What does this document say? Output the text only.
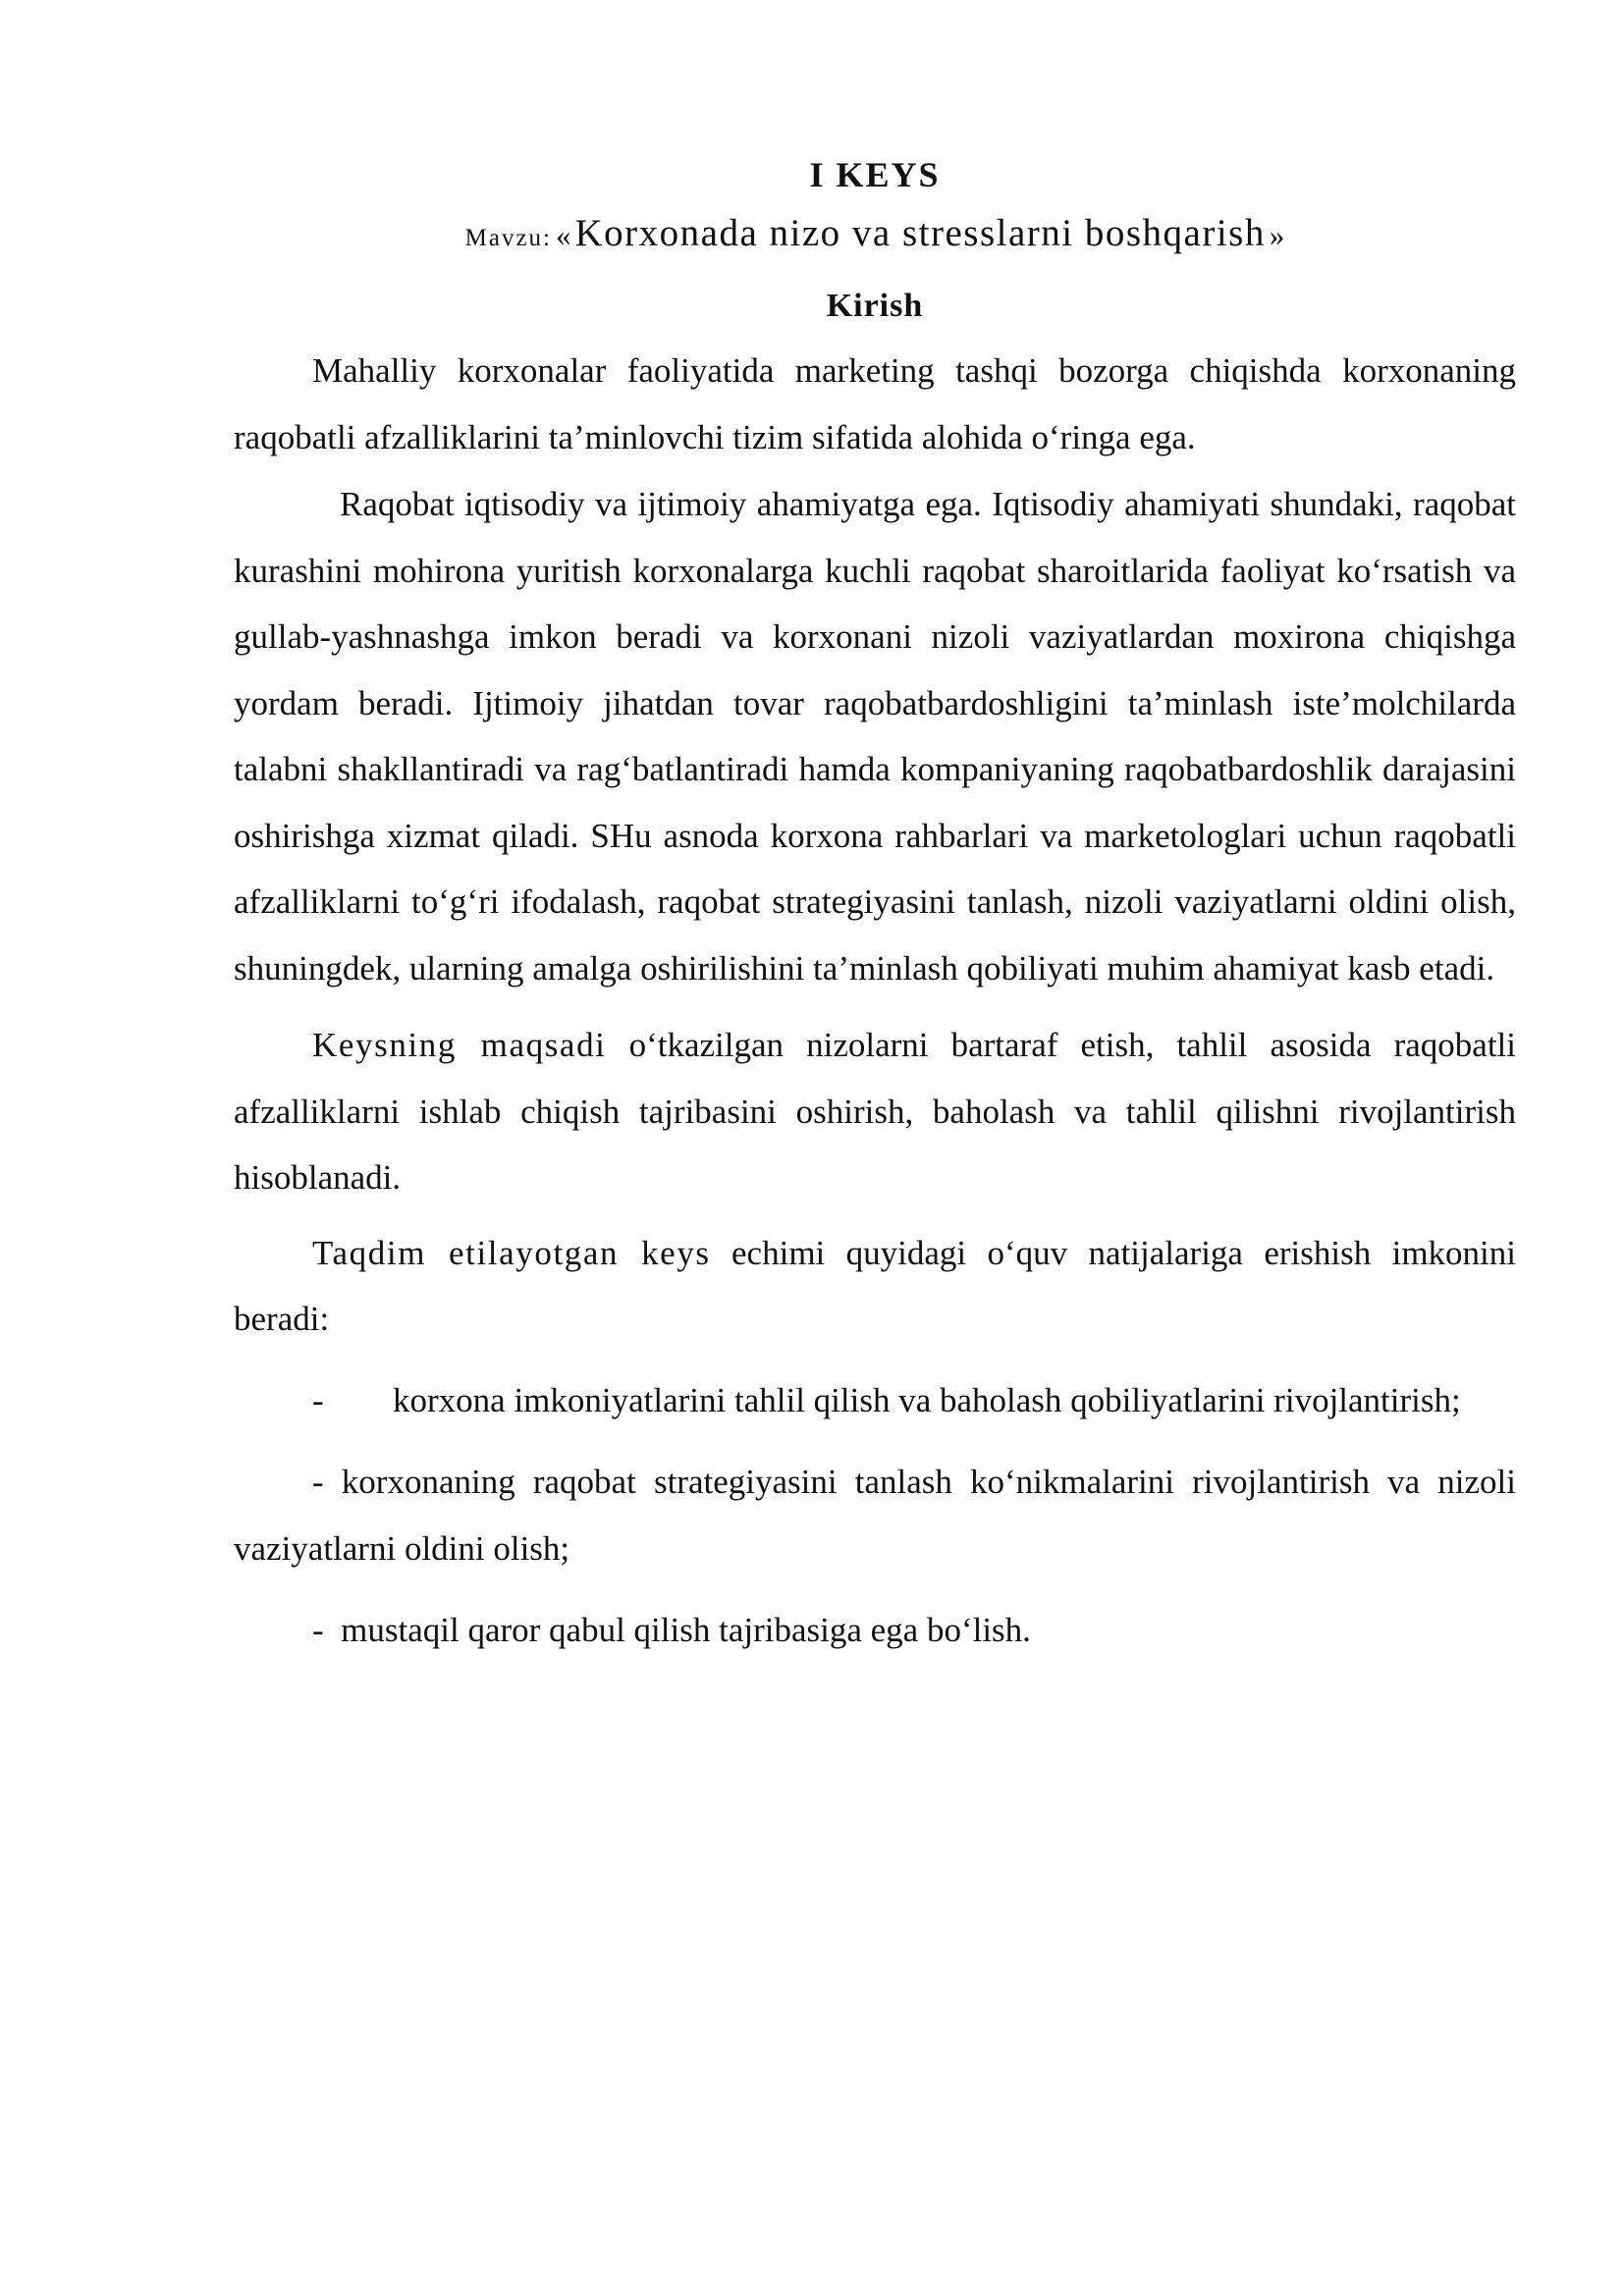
I KEYS

Mavzu: « Korxonada nizo va stresslarni boshqarish »

Kirish

Mahalliy korxonalar faoliyatida marketing tashqi bozorga chiqishda korxonaning raqobatli afzalliklarini ta’minlovchi tizim sifatida alohida o‘ringa ega.

Raqobat iqtisodiy va ijtimoiy ahamiyatga ega. Iqtisodiy ahamiyati shundaki, raqobat kurashini mohirona yuritish korxonalarga kuchli raqobat sharoitlarida faoliyat ko‘rsatish va gullab-yashnashga imkon beradi va korxonani nizoli vaziyatlardan moxirona chiqishga yordam beradi. Ijtimoiy jihatdan tovar raqobatbardoshligini ta’minlash iste’molchilarda talabni shakllantiradi va rag‘batlantiradi hamda kompaniyaning raqobatbardoshlik darajasini oshirishga xizmat qiladi. SHu asnoda korxona rahbarlari va marketologlari uchun raqobatli afzalliklarni to‘g‘ri ifodalash, raqobat strategiyasini tanlash, nizoli vaziyatlarni oldini olish, shuningdek, ularning amalga oshirilishini ta’minlash qobiliyati muhim ahamiyat kasb etadi.

Keysning maqsadi o‘tkazilgan nizolarni bartaraf etish, tahlil asosida raqobatli afzalliklarni ishlab chiqish tajribasini oshirish, baholash va tahlil qilishni rivojlantirish hisoblanadi.

Taqdim etilayotgan keys echimi quyidagi o‘quv natijalariga erishish imkonini beradi:

- korxona imkoniyatlarini tahlil qilish va baholash qobiliyatlarini rivojlantirish;

- korxonaning raqobat strategiyasini tanlash ko‘nikmalarini rivojlantirish va nizoli vaziyatlarni oldini olish;

-  mustaqil qaror qabul qilish tajribasiga ega bo‘lish.
